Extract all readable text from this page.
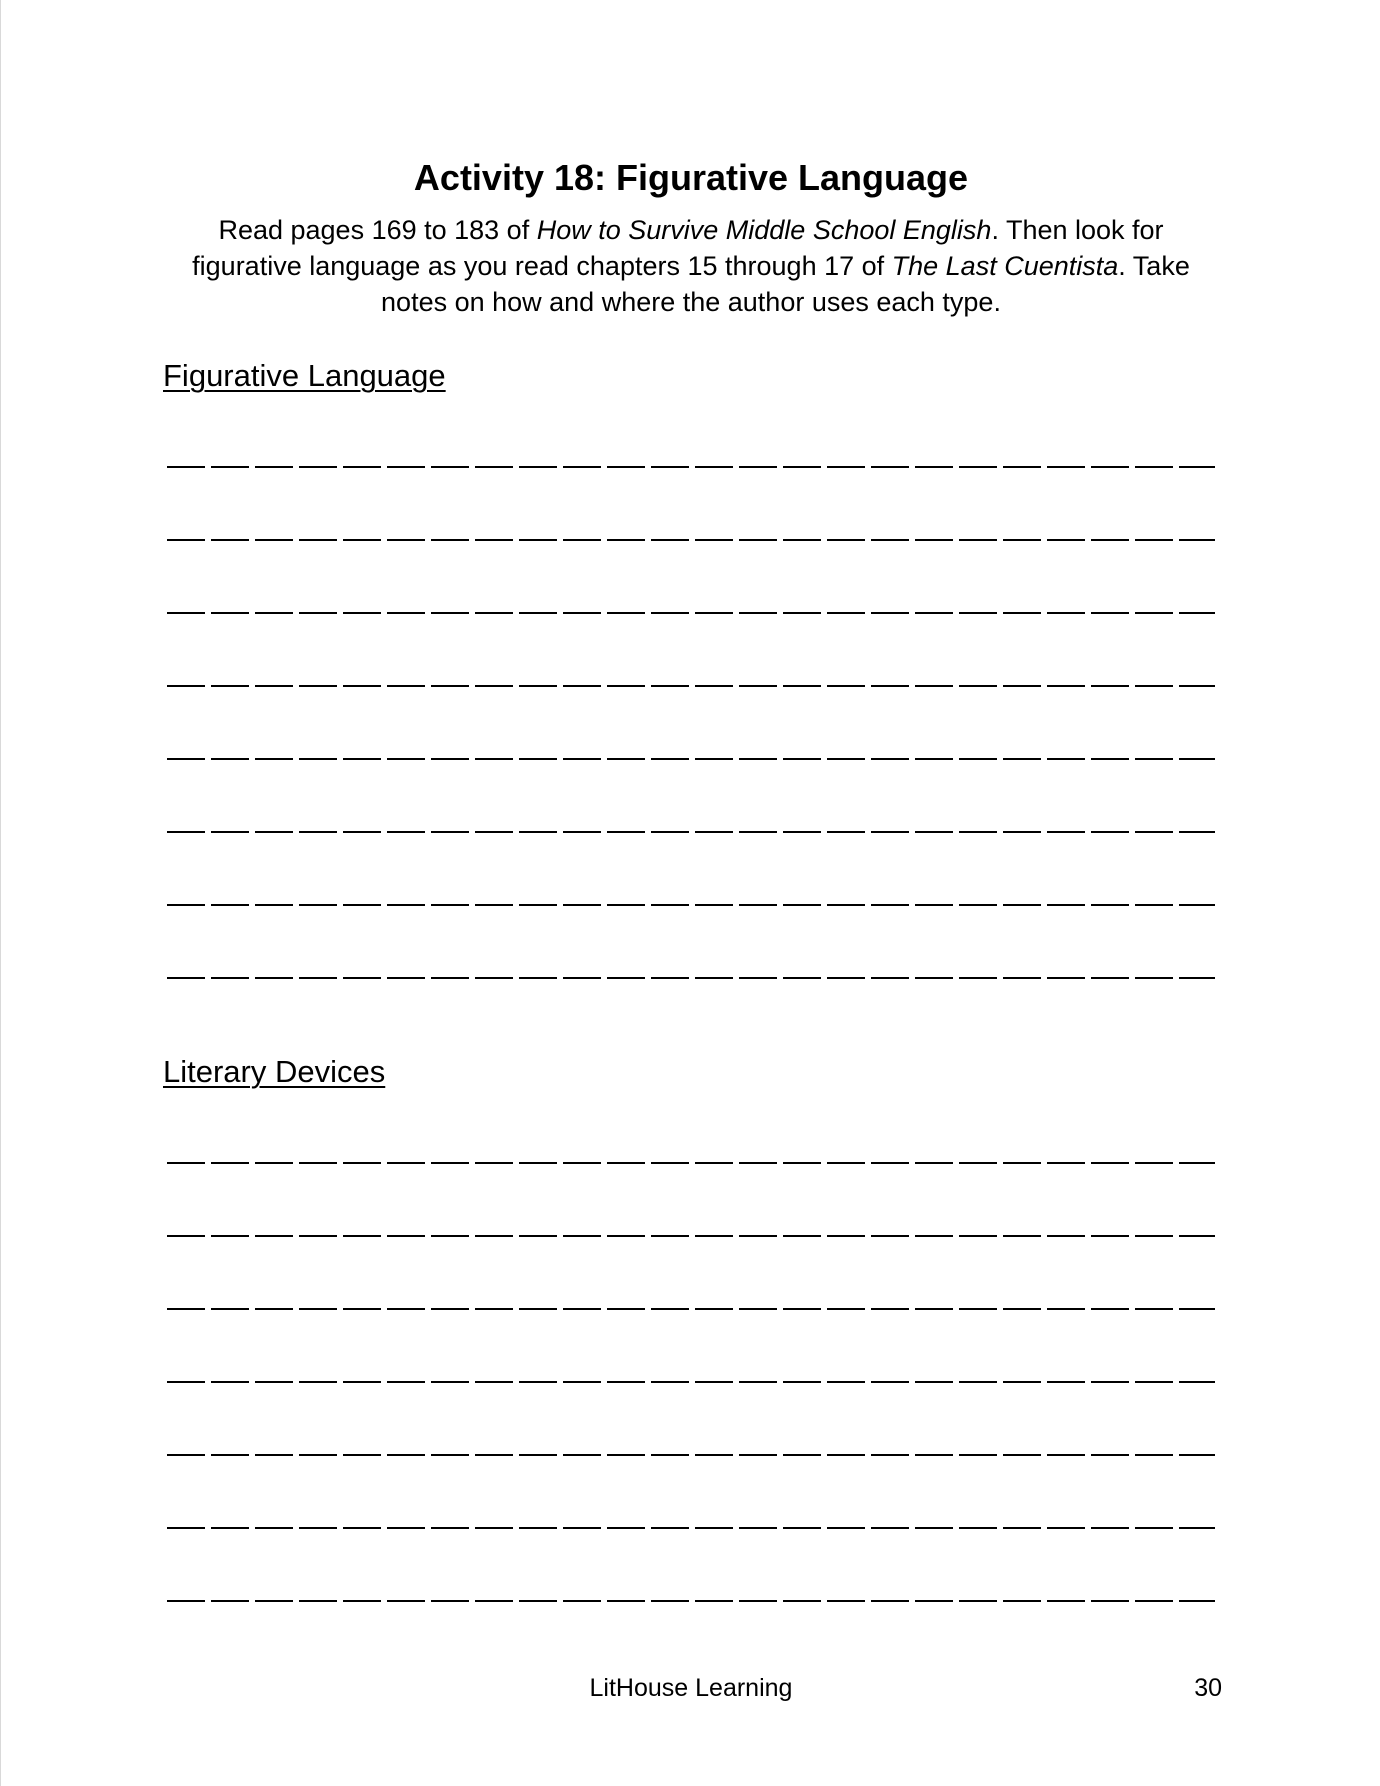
Activity 18: Figurative Language

Read pages 169 to 183 of How to Survive Middle School English. Then look for figurative language as you read chapters 15 through 17 of The Last Cuentista. Take notes on how and where the author uses each type.

Figurative Language
Literary Devices
LitHouse Learning	30
